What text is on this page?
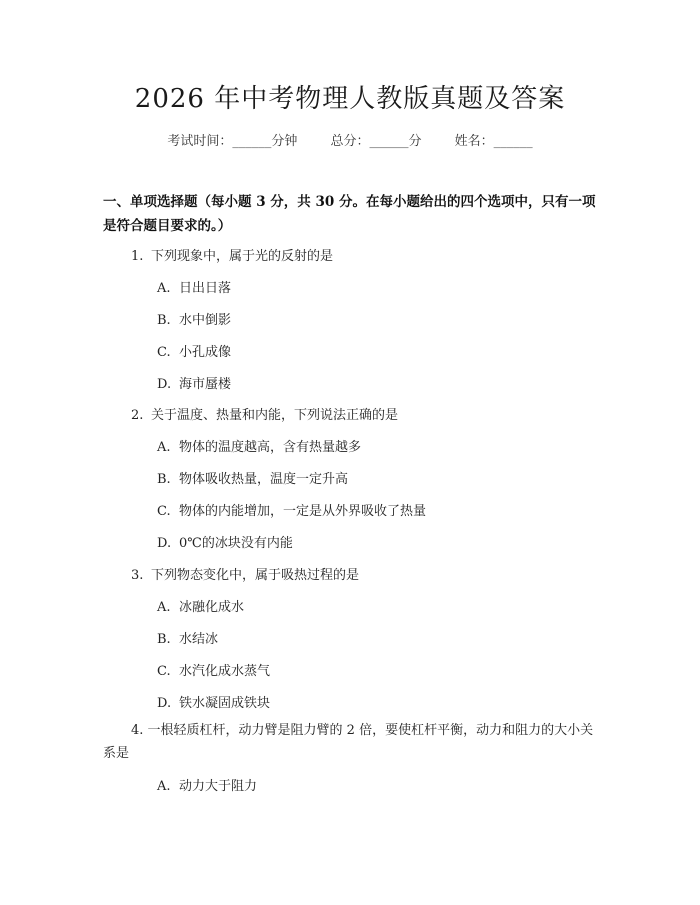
2026 年中考物理人教版真题及答案
考试时间：______分钟	总分：______分	姓名：______
一、单项选择题（每小题 3 分，共 30 分。在每小题给出的四个选项中，只有一项是符合题目要求的。）
1. 下列现象中，属于光的反射的是
A. 日出日落
B. 水中倒影
C. 小孔成像
D. 海市蜃楼
2. 关于温度、热量和内能，下列说法正确的是
A. 物体的温度越高，含有热量越多
B. 物体吸收热量，温度一定升高
C. 物体的内能增加，一定是从外界吸收了热量
D. 0℃的冰块没有内能
3. 下列物态变化中，属于吸热过程的是
A. 冰融化成水
B. 水结冰
C. 水汽化成水蒸气
D. 铁水凝固成铁块
4. 一根轻质杠杆，动力臂是阻力臂的 2 倍，要使杠杆平衡，动力和阻力的大小关系是
A. 动力大于阻力
